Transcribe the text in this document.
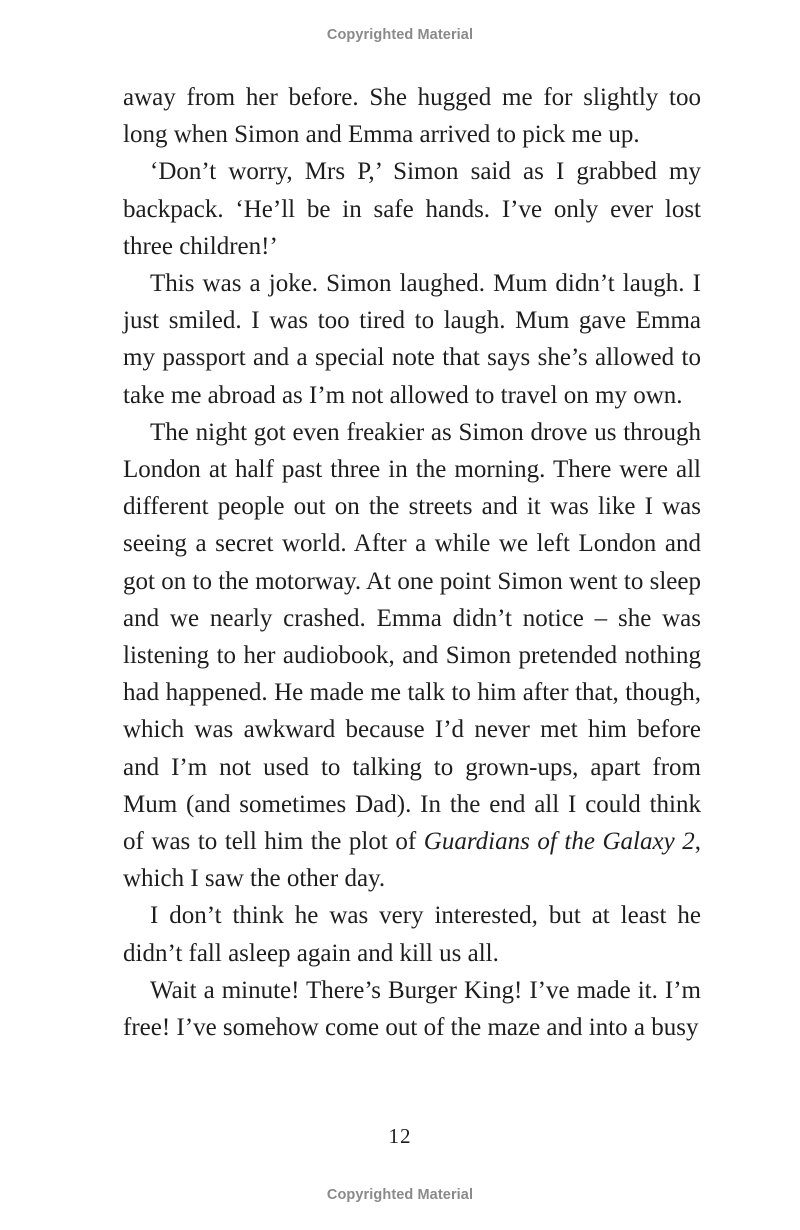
Copyrighted Material

away from her before. She hugged me for slightly too long when Simon and Emma arrived to pick me up.

‘Don’t worry, Mrs P,’ Simon said as I grabbed my backpack. ‘He’ll be in safe hands. I’ve only ever lost three children!’

This was a joke. Simon laughed. Mum didn’t laugh. I just smiled. I was too tired to laugh. Mum gave Emma my passport and a special note that says she’s allowed to take me abroad as I’m not allowed to travel on my own.

The night got even freakier as Simon drove us through London at half past three in the morning. There were all different people out on the streets and it was like I was seeing a secret world. After a while we left London and got on to the motorway. At one point Simon went to sleep and we nearly crashed. Emma didn’t notice – she was listening to her audiobook, and Simon pretended nothing had happened. He made me talk to him after that, though, which was awkward because I’d never met him before and I’m not used to talking to grown-ups, apart from Mum (and sometimes Dad). In the end all I could think of was to tell him the plot of Guardians of the Galaxy 2, which I saw the other day.

I don’t think he was very interested, but at least he didn’t fall asleep again and kill us all.

Wait a minute! There’s Burger King! I’ve made it. I’m free! I’ve somehow come out of the maze and into a busy

12
Copyrighted Material
